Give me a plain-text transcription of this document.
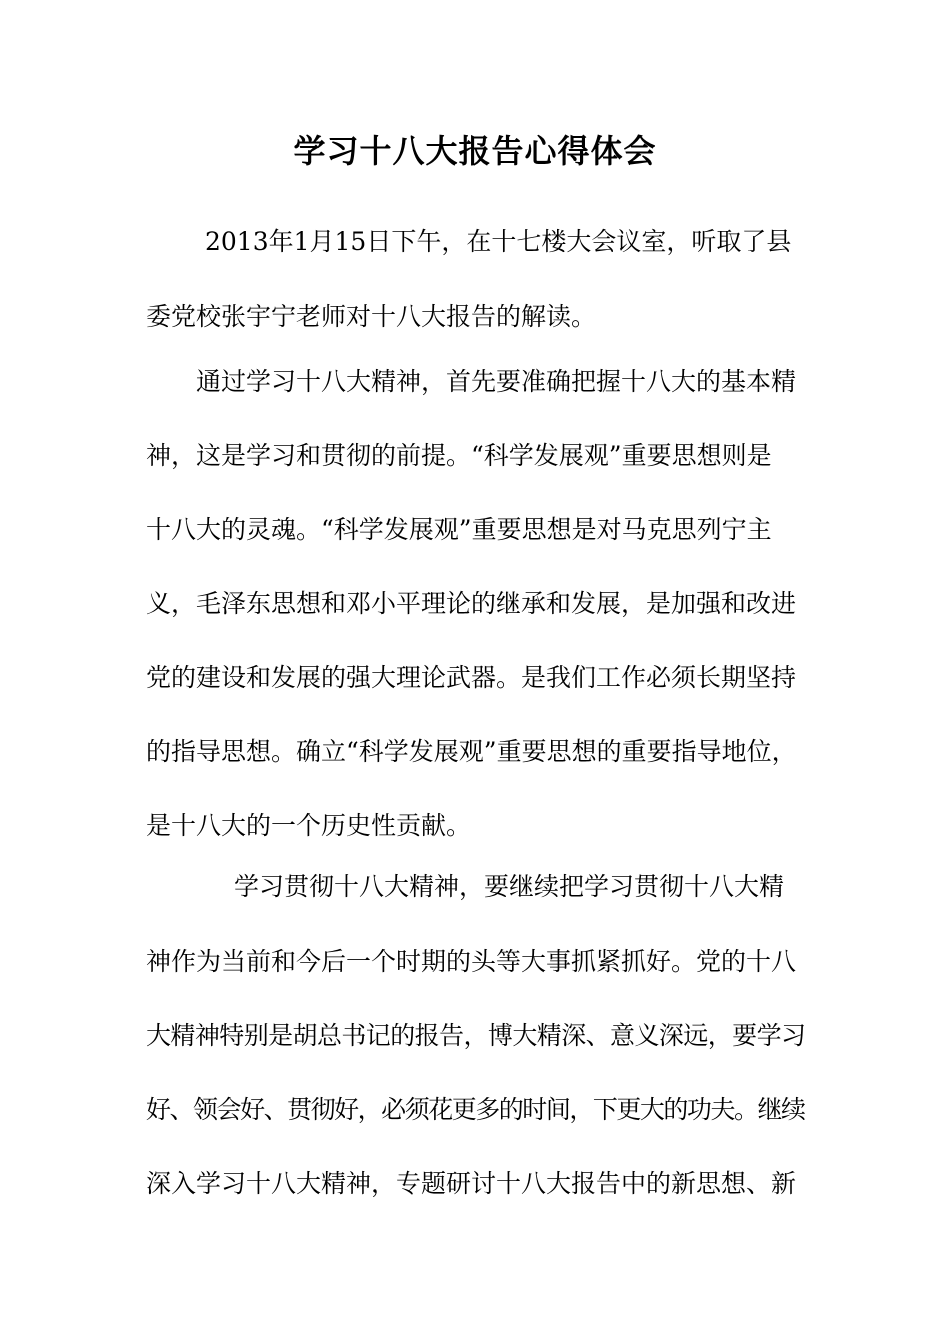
学习十八大报告心得体会
2013年1月15日下午，在十七楼大会议室，听取了县
委党校张宇宁老师对十八大报告的解读。
通过学习十八大精神，首先要准确把握十八大的基本精
神，这是学习和贯彻的前提。“科学发展观”重要思想则是
十八大的灵魂。“科学发展观”重要思想是对马克思列宁主
义，毛泽东思想和邓小平理论的继承和发展，是加强和改进
党的建设和发展的强大理论武器。是我们工作必须长期坚持
的指导思想。确立“科学发展观”重要思想的重要指导地位，
是十八大的一个历史性贡献。
学习贯彻十八大精神，要继续把学习贯彻十八大精
神作为当前和今后一个时期的头等大事抓紧抓好。党的十八
大精神特别是胡总书记的报告，博大精深、意义深远，要学习
好、领会好、贯彻好，必须花更多的时间，下更大的功夫。继续
深入学习十八大精神，专题研讨十八大报告中的新思想、新
